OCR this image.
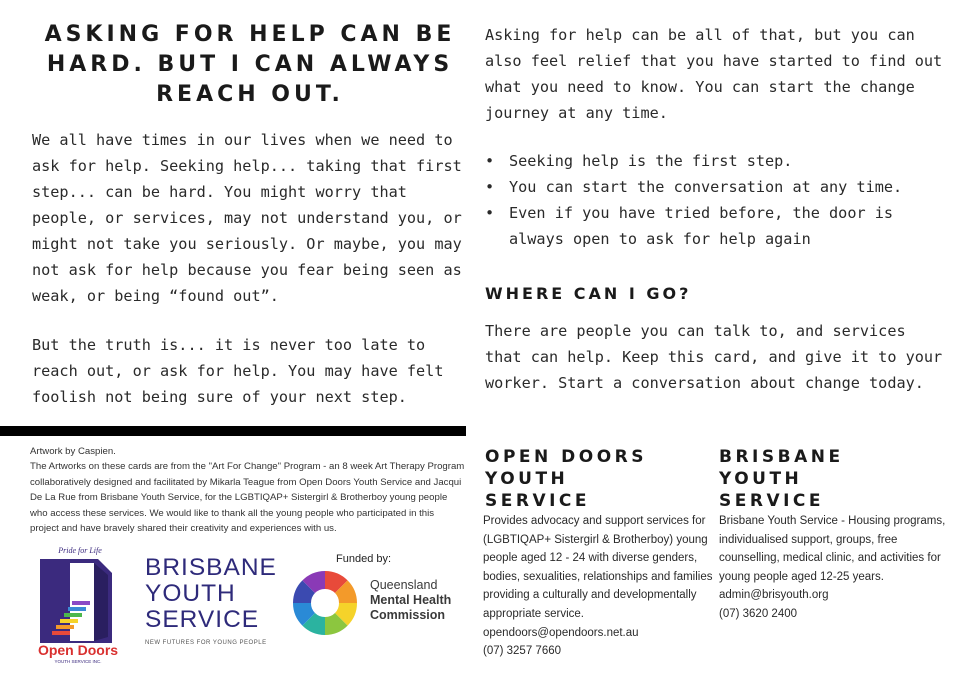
ASKING FOR HELP CAN BE HARD. BUT I CAN ALWAYS REACH OUT.
We all have times in our lives when we need to ask for help. Seeking help... taking that first step... can be hard. You might worry that people, or services, may not understand you, or might not take you seriously. Or maybe, you may not ask for help because you fear being seen as weak, or being “found out”.
But the truth is... it is never too late to reach out, or ask for help. You may have felt foolish not being sure of your next step.

Artwork by Caspien.

The Artworks on these cards are from the "Art For Change" Program - an 8 week Art Therapy Program collaboratively designed and facilitated by Mikarla Teague from Open Doors Youth Service and Jacqui De La Rue from Brisbane Youth Service, for the LGBTIQAP+ Sistergirl & Brotherboy young people who access these services. We would like to thank all the young people who participated in this project and have bravely shared their creativity and experiences with us.

Pride for Life
Open Doors
YOUTH SERVICE INC.
BRISBANE
YOUTH
SERVICE
NEW FUTURES FOR YOUNG PEOPLE
Funded by:
Queensland
Mental Health
Commission
Asking for help can be all of that, but you can also feel relief that you have started to find out what you need to know. You can start the change journey at any time.
• Seeking help is the first step.
• You can start the conversation at any time.
• Even if you have tried before, the door is always open to ask for help again
WHERE CAN I GO?
There are people you can talk to, and services that can help. Keep this card, and give it to your worker. Start a conversation about change today.
OPEN DOORS
YOUTH
SERVICE
Provides advocacy and support services for (LGBTIQAP+ Sistergirl & Brotherboy) young people aged 12 - 24 with diverse genders, bodies, sexualities, relationships and families providing a culturally and developmentally appropriate service.
opendoors@opendoors.net.au
(07) 3257 7660
BRISBANE
YOUTH
SERVICE
Brisbane Youth Service - Housing programs, individualised support, groups, free counselling, medical clinic, and activities for young people aged 12-25 years.
admin@brisyouth.org
(07) 3620 2400
